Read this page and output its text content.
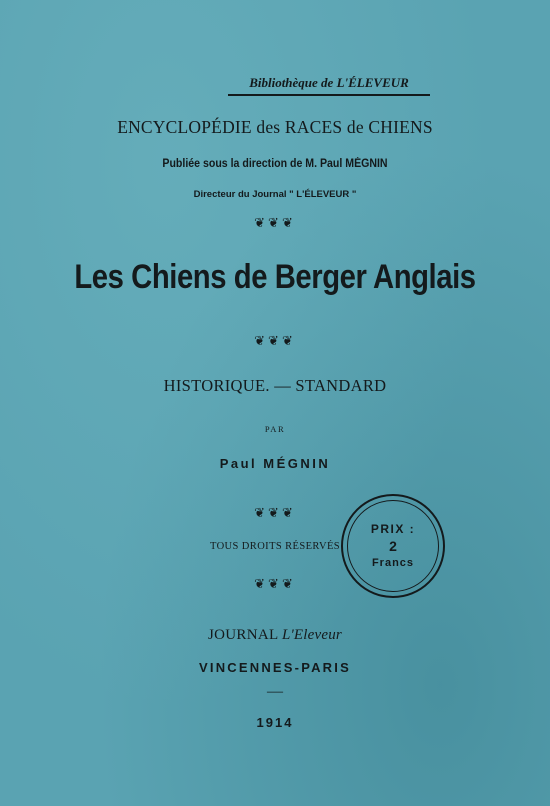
Bibliothèque de L'ÉLEVEUR
ENCYCLOPÉDIE des RACES de CHIENS
Publiée sous la direction de M. Paul MÉGNIN
Directeur du Journal " L'ÉLEVEUR "
❦❦❦
Les Chiens de Berger Anglais
❦❦❦
HISTORIQUE. — STANDARD
PAR
Paul MÉGNIN
❦❦❦
TOUS DROITS RÉSERVÉS
❦❦❦
JOURNAL L'Eleveur
VINCENNES-PARIS
—
1914
PRIX :
2
Francs
